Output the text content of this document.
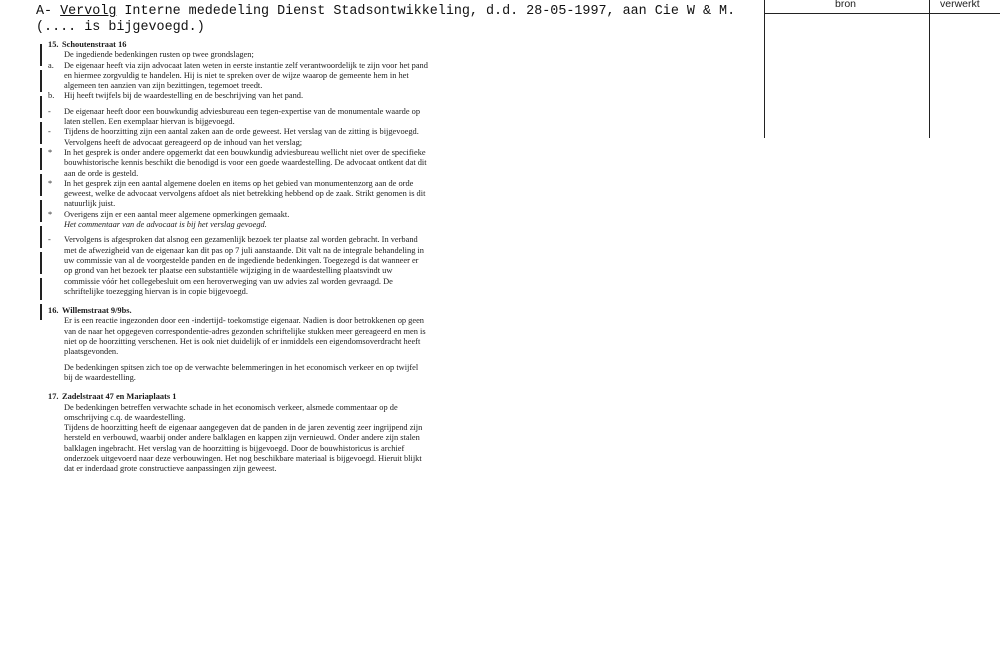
A- Vervolg Interne mededeling Dienst Stadsontwikkeling, d.d. 28-05-1997, aan Cie W & M.
(.... is bijgevoegd.)
bron	verwerkt

15. Schoutenstraat 16

De ingediende bedenkingen rusten op twee grondslagen;

a.	De eigenaar heeft via zijn advocaat laten weten in eerste instantie zelf verantwoordelijk te zijn voor het pand en hiermee zorgvuldig te handelen. Hij is niet te spreken over de wijze waarop de gemeente hem in het algemeen ten aanzien van zijn bezittingen, tegemoet treedt.

b.	Hij heeft twijfels bij de waardestelling en de beschrijving van het pand.

-	De eigenaar heeft door een bouwkundig adviesbureau een tegen-expertise van de monumentale waarde op laten stellen. Een exemplaar hiervan is bijgevoegd.

-	Tijdens de hoorzitting zijn een aantal zaken aan de orde geweest. Het verslag van de zitting is bijgevoegd. Vervolgens heeft de advocaat gereageerd op de inhoud van het verslag;

*	In het gesprek is onder andere opgemerkt dat een bouwkundig adviesbureau wellicht niet over de specifieke bouwhistorische kennis beschikt die benodigd is voor een goede waardestelling. De advocaat ontkent dat dit aan de orde is gesteld.

*	In het gesprek zijn een aantal algemene doelen en items op het gebied van monumentenzorg aan de orde geweest, welke de advocaat vervolgens afdoet als niet betrekking hebbend op de zaak. Strikt genomen is dit natuurlijk juist.

*	Overigens zijn er een aantal meer algemene opmerkingen gemaakt.
Het commentaar van de advocaat is bij het verslag gevoegd.

-	Vervolgens is afgesproken dat alsnog een gezamenlijk bezoek ter plaatse zal worden gebracht. In verband met de afwezigheid van de eigenaar kan dit pas op 7 juli aanstaande. Dit valt na de integrale behandeling in uw commissie van al de voorgestelde panden en de ingediende bedenkingen. Toegezegd is dat wanneer er op grond van het bezoek ter plaatse een substantiële wijziging in de waardestelling plaatsvindt uw commissie vóór het collegebesluit om een heroverweging van uw advies zal worden gevraagd. De schriftelijke toezegging hiervan is in copie bijgevoegd.

16. Willemstraat 9/9bs.

Er is een reactie ingezonden door een -indertijd- toekomstige eigenaar. Nadien is door betrokkenen op geen van de naar het opgegeven correspondentie-adres gezonden schriftelijke stukken meer gereageerd en men is niet op de hoorzitting verschenen. Het is ook niet duidelijk of er inmiddels een eigendomsoverdracht heeft plaatsgevonden.

De bedenkingen spitsen zich toe op de verwachte belemmeringen in het economisch verkeer en op twijfel bij de waardestelling.

17. Zadelstraat 47 en Mariaplaats 1

De bedenkingen betreffen verwachte schade in het economisch verkeer, alsmede commentaar op de omschrijving c.q. de waardestelling.

Tijdens de hoorzitting heeft de eigenaar aangegeven dat de panden in de jaren zeventig zeer ingrijpend zijn hersteld en verbouwd, waarbij onder andere balklagen en kappen zijn vernieuwd. Onder andere zijn stalen balklagen ingebracht. Het verslag van de hoorzitting is bijgevoegd. Door de bouwhistoricus is archief onderzoek uitgevoerd naar deze verbouwingen. Het nog beschikbare materiaal is bijgevoegd. Hieruit blijkt dat er inderdaad grote constructieve aanpassingen zijn geweest.
